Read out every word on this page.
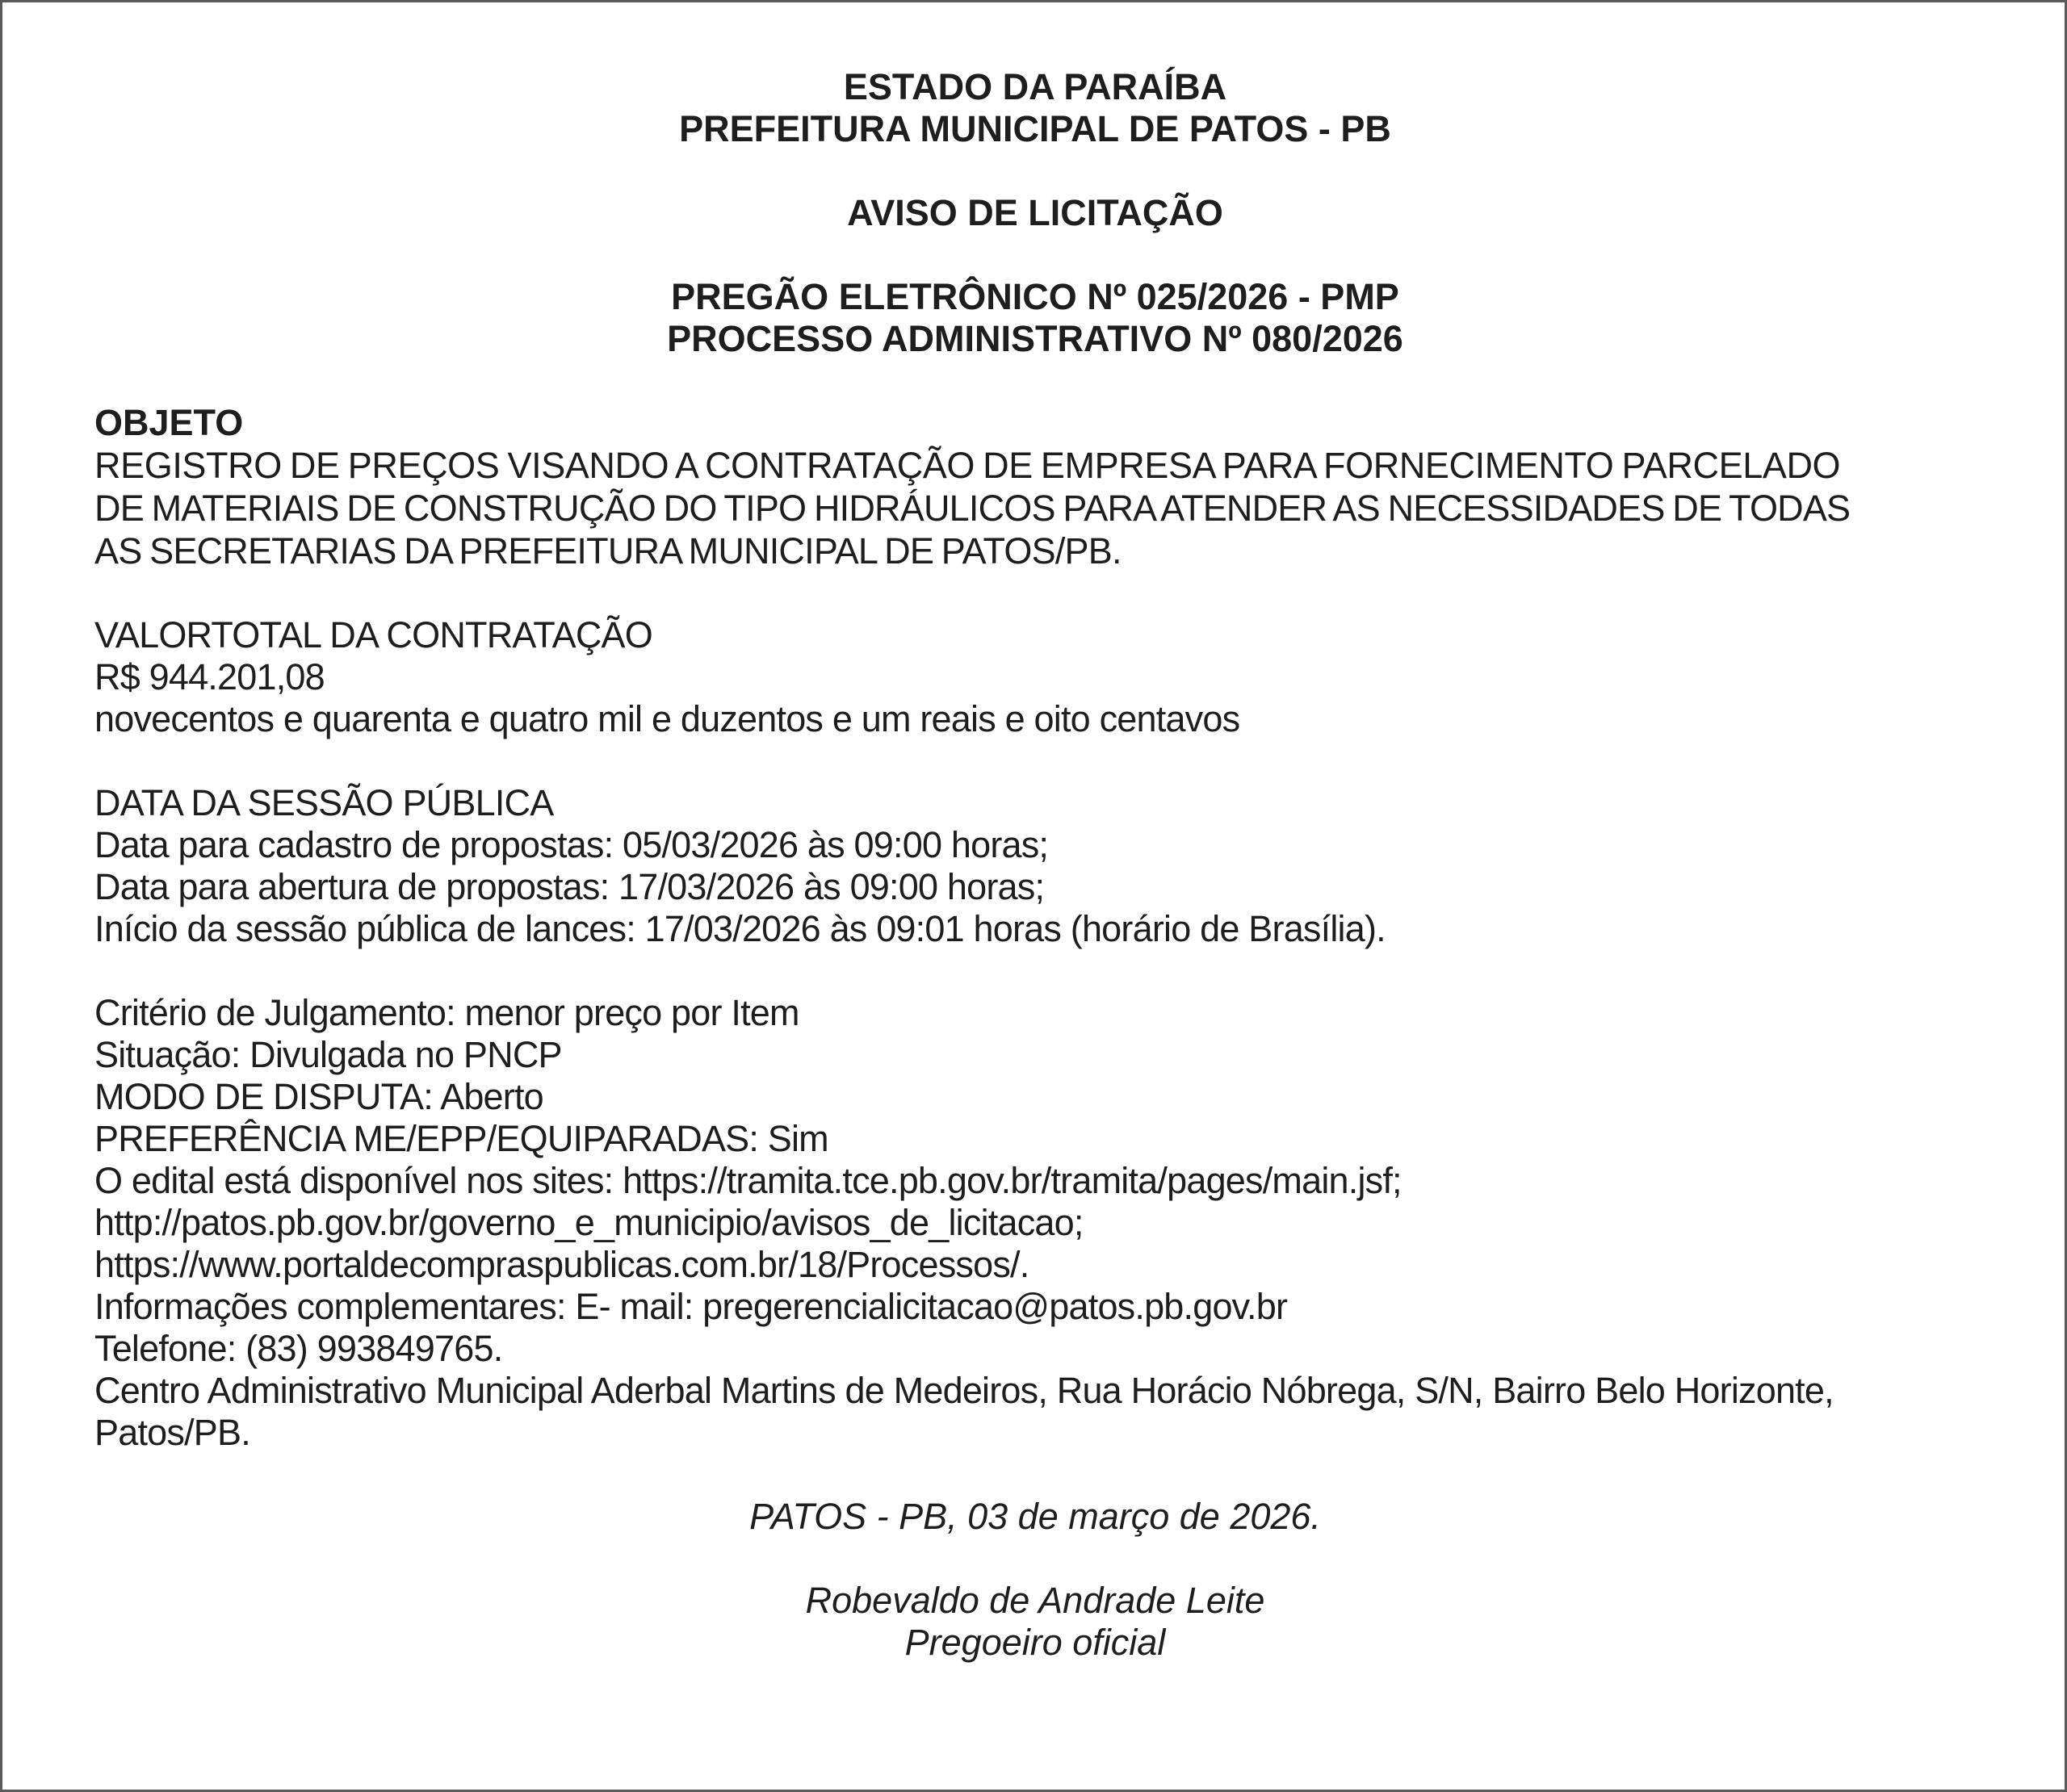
ESTADO DA PARAÍBA
PREFEITURA MUNICIPAL DE PATOS - PB
AVISO DE LICITAÇÃO
PREGÃO ELETRÔNICO Nº 025/2026 - PMP
PROCESSO ADMINISTRATIVO Nº 080/2026
OBJETO
REGISTRO DE PREÇOS VISANDO A CONTRATAÇÃO DE EMPRESA PARA FORNECIMENTO PARCELADO
DE MATERIAIS DE CONSTRUÇÃO DO TIPO HIDRÁULICOS PARA ATENDER AS NECESSIDADES DE TODAS
AS SECRETARIAS DA PREFEITURA MUNICIPAL DE PATOS/PB.
VALORTOTAL DA CONTRATAÇÃO
R$ 944.201,08
novecentos e quarenta e quatro mil e duzentos e um reais e oito centavos
DATA DA SESSÃO PÚBLICA
Data para cadastro de propostas: 05/03/2026 às 09:00 horas;
Data para abertura de propostas: 17/03/2026 às 09:00 horas;
Início da sessão pública de lances: 17/03/2026 às 09:01 horas (horário de Brasília).
Critério de Julgamento: menor preço por Item
Situação: Divulgada no PNCP
MODO DE DISPUTA: Aberto
PREFERÊNCIA ME/EPP/EQUIPARADAS: Sim
O edital está disponível nos sites: https://tramita.tce.pb.gov.br/tramita/pages/main.jsf;
http://patos.pb.gov.br/governo_e_municipio/avisos_de_licitacao;
https://www.portaldecompraspublicas.com.br/18/Processos/.
Informações complementares: E- mail: pregerencialicitacao@patos.pb.gov.br
Telefone: (83) 993849765.
Centro Administrativo Municipal Aderbal Martins de Medeiros, Rua Horácio Nóbrega, S/N, Bairro Belo Horizonte,
Patos/PB.
PATOS - PB, 03 de março de 2026.
Robevaldo de Andrade Leite
Pregoeiro oficial
